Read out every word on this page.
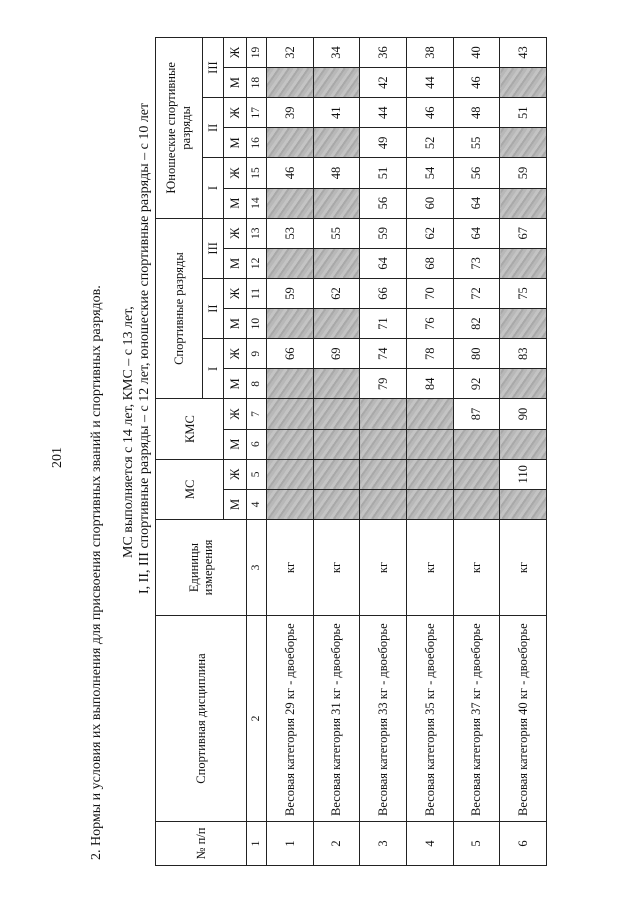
201 2. Нормы и условия их выполнения для присвоения спортивных званий и спортивных разрядов. МС выполняется с 14 лет, КМС – с 13 лет, I, II, III спортивные разряды – с 12 лет, юношеские спортивные разряды – с 10 лет
№ п/п	Спортивная дисциплина	Единицы измерения	МС		КМС		Спортивные разряды						Юношеские спортивные разряды					
							I		II		III		I		II		III	
			М	Ж	М	Ж	М	Ж	М	Ж	М	Ж	М	Ж	М	Ж	М	Ж
1	2	3	4	5	6	7	8	9	10	11	12	13	14	15	16	17	18	19
1	Весовая категория 29 кг - двоеборье	кг						66		59		53		46		39		32
2	Весовая категория 31 кг - двоеборье	кг						69		62		55		48		41		34
3	Весовая категория 33 кг - двоеборье	кг					79	74	71	66	64	59	56	51	49	44	42	36
4	Весовая категория 35 кг - двоеборье	кг					84	78	76	70	68	62	60	54	52	46	44	38
5	Весовая категория 37 кг - двоеборье	кг				87	92	80	82	72	73	64	64	56	55	48	46	40
6	Весовая категория 40 кг - двоеборье	кг		110		90		83		75		67		59		51		43
